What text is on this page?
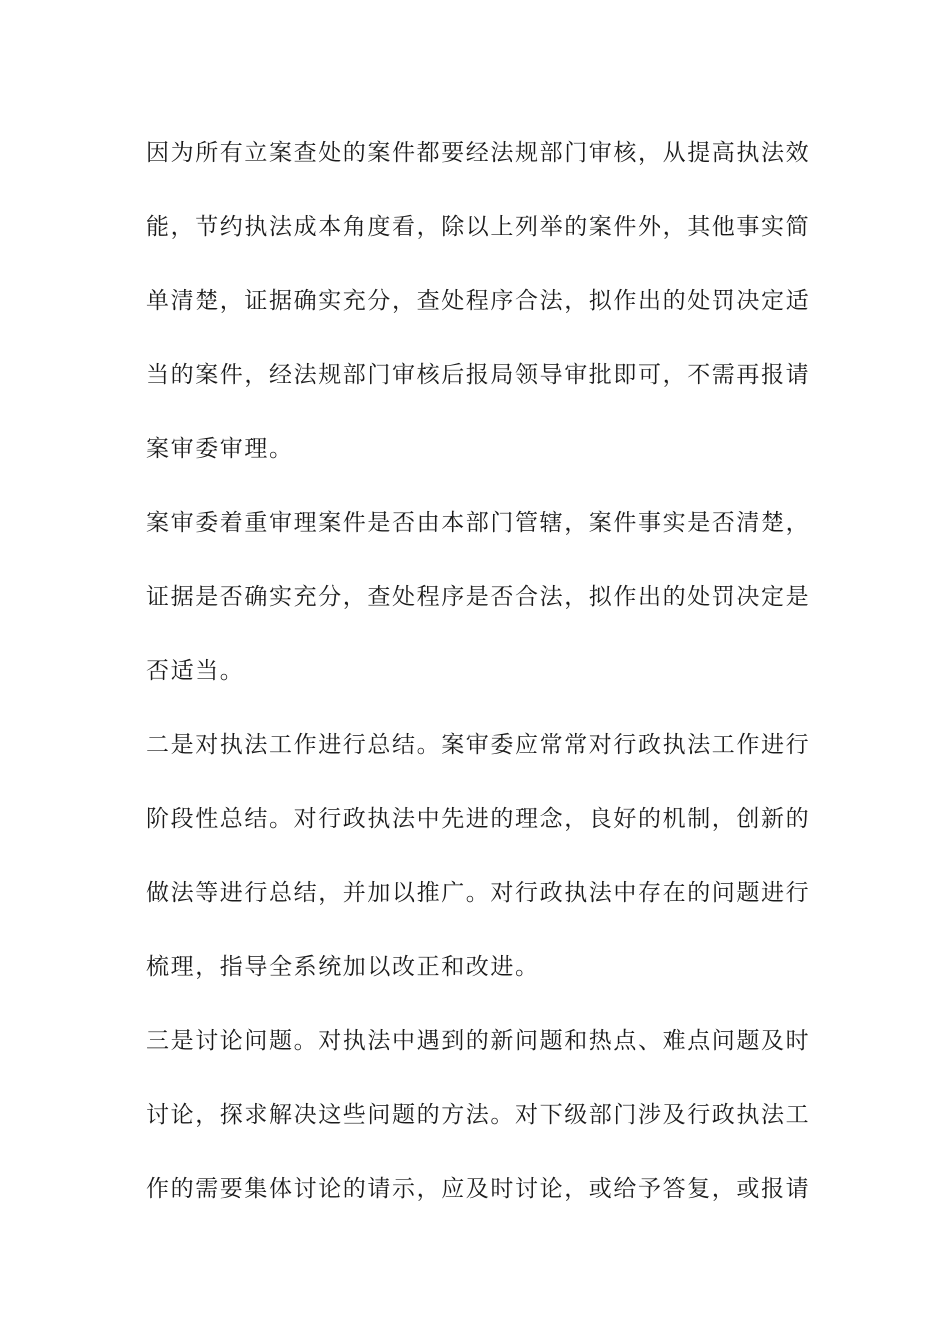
因为所有立案查处的案件都要经法规部门审核，从提高执法效
能，节约执法成本角度看，除以上列举的案件外，其他事实简
单清楚，证据确实充分，查处程序合法，拟作出的处罚决定适
当的案件，经法规部门审核后报局领导审批即可，不需再报请
案审委审理。
案审委着重审理案件是否由本部门管辖，案件事实是否清楚，
证据是否确实充分，查处程序是否合法，拟作出的处罚决定是
否适当。
二是对执法工作进行总结。案审委应常常对行政执法工作进行
阶段性总结。对行政执法中先进的理念，良好的机制，创新的
做法等进行总结，并加以推广。对行政执法中存在的问题进行
梳理，指导全系统加以改正和改进。
三是讨论问题。对执法中遇到的新问题和热点、难点问题及时
讨论，探求解决这些问题的方法。对下级部门涉及行政执法工
作的需要集体讨论的请示，应及时讨论，或给予答复，或报请
